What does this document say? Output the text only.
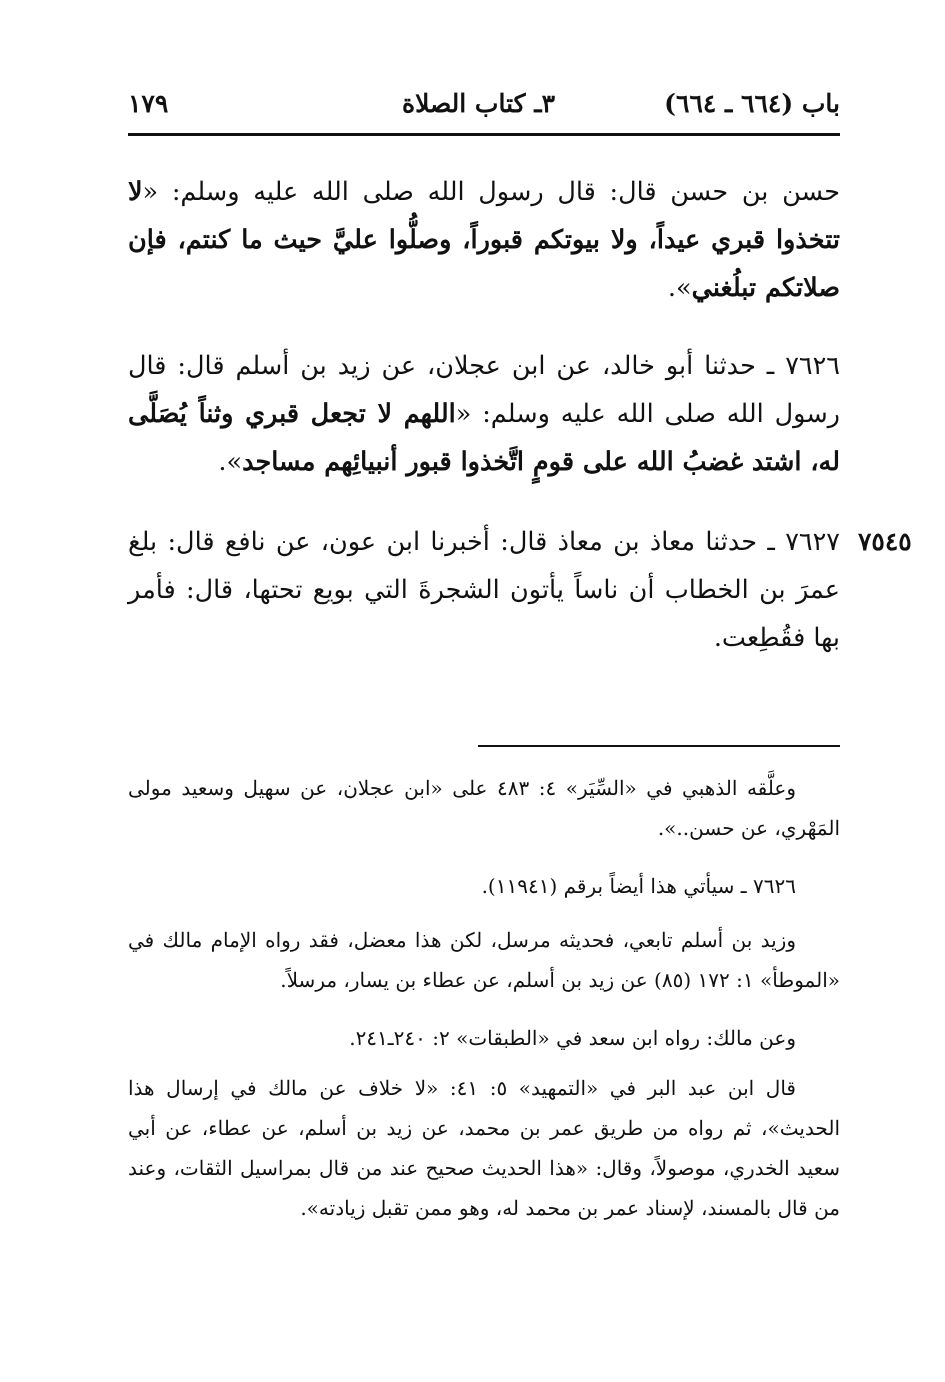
باب (٦٦٤ ـ ٦٦٤)
٣ـ كتاب الصلاة
١٧٩

حسن بن حسن قال: قال رسول الله صلى الله عليه وسلم: «لا تتخذوا قبري عيداً، ولا بيوتكم قبوراً، وصلُّوا عليَّ حيث ما كنتم، فإن صلاتكم تبلُغني».

٧٦٢٦ ـ حدثنا أبو خالد، عن ابن عجلان، عن زيد بن أسلم قال: قال رسول الله صلى الله عليه وسلم: «اللهم لا تجعل قبري وثناً يُصَلَّى له، اشتد غضبُ الله على قومٍ اتَّخذوا قبور أنبيائِهم مساجد».

٧٦٢٧ ـ حدثنا معاذ بن معاذ قال: أخبرنا ابن عون، عن نافع قال: بلغ عمرَ بن الخطاب أن ناساً يأتون الشجرةَ التي بويع تحتها، قال: فأمر بها فقُطِعت.

٧٥٤٥

وعلَّقه الذهبي في «السِّيَر» ٤: ٤٨٣ على «ابن عجلان، عن سهيل وسعيد مولى المَهْري، عن حسن..».

٧٦٢٦ ـ سيأتي هذا أيضاً برقم (١١٩٤١).

وزيد بن أسلم تابعي، فحديثه مرسل، لكن هذا معضل، فقد رواه الإمام مالك في «الموطأ» ١: ١٧٢ (٨٥) عن زيد بن أسلم، عن عطاء بن يسار، مرسلاً.

وعن مالك: رواه ابن سعد في «الطبقات» ٢: ٢٤٠ـ٢٤١.

قال ابن عبد البر في «التمهيد» ٥: ٤١: «لا خلاف عن مالك في إرسال هذا الحديث»، ثم رواه من طريق عمر بن محمد، عن زيد بن أسلم، عن عطاء، عن أبي سعيد الخدري، موصولاً، وقال: «هذا الحديث صحيح عند من قال بمراسيل الثقات، وعند من قال بالمسند، لإسناد عمر بن محمد له، وهو ممن تقبل زيادته».
